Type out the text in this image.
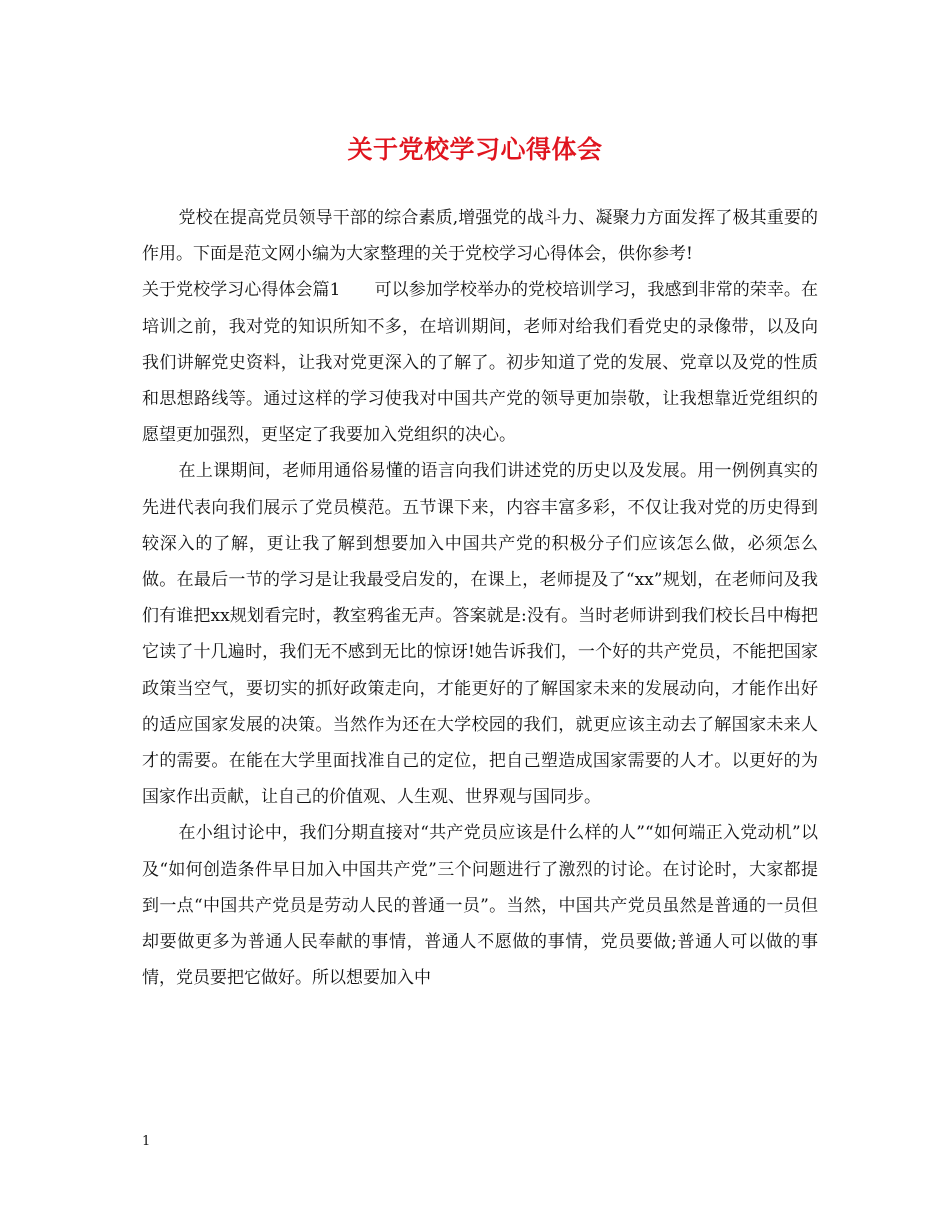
关于党校学习心得体会

党校在提高党员领导干部的综合素质,增强党的战斗力、凝聚力方面发挥了极其重要的作用。下面是范文网小编为大家整理的关于党校学习心得体会，供你参考!

关于党校学习心得体会篇1　　可以参加学校举办的党校培训学习，我感到非常的荣幸。在培训之前，我对党的知识所知不多，在培训期间，老师对给我们看党史的录像带，以及向我们讲解党史资料，让我对党更深入的了解了。初步知道了党的发展、党章以及党的性质和思想路线等。通过这样的学习使我对中国共产党的领导更加崇敬，让我想靠近党组织的愿望更加强烈，更坚定了我要加入党组织的决心。

在上课期间，老师用通俗易懂的语言向我们讲述党的历史以及发展。用一例例真实的先进代表向我们展示了党员模范。五节课下来，内容丰富多彩，不仅让我对党的历史得到较深入的了解，更让我了解到想要加入中国共产党的积极分子们应该怎么做，必须怎么做。在最后一节的学习是让我最受启发的，在课上，老师提及了“xx”规划，在老师问及我们有谁把xx规划看完时，教室鸦雀无声。答案就是:没有。当时老师讲到我们校长吕中梅把它读了十几遍时，我们无不感到无比的惊讶!她告诉我们，一个好的共产党员，不能把国家政策当空气，要切实的抓好政策走向，才能更好的了解国家未来的发展动向，才能作出好的适应国家发展的决策。当然作为还在大学校园的我们，就更应该主动去了解国家未来人才的需要。在能在大学里面找准自己的定位，把自己塑造成国家需要的人才。以更好的为国家作出贡献，让自己的价值观、人生观、世界观与国同步。

在小组讨论中，我们分期直接对“共产党员应该是什么样的人”“如何端正入党动机”以及“如何创造条件早日加入中国共产党”三个问题进行了激烈的讨论。在讨论时，大家都提到一点“中国共产党员是劳动人民的普通一员”。当然，中国共产党员虽然是普通的一员但却要做更多为普通人民奉献的事情，普通人不愿做的事情，党员要做;普通人可以做的事情，党员要把它做好。所以想要加入中

1
